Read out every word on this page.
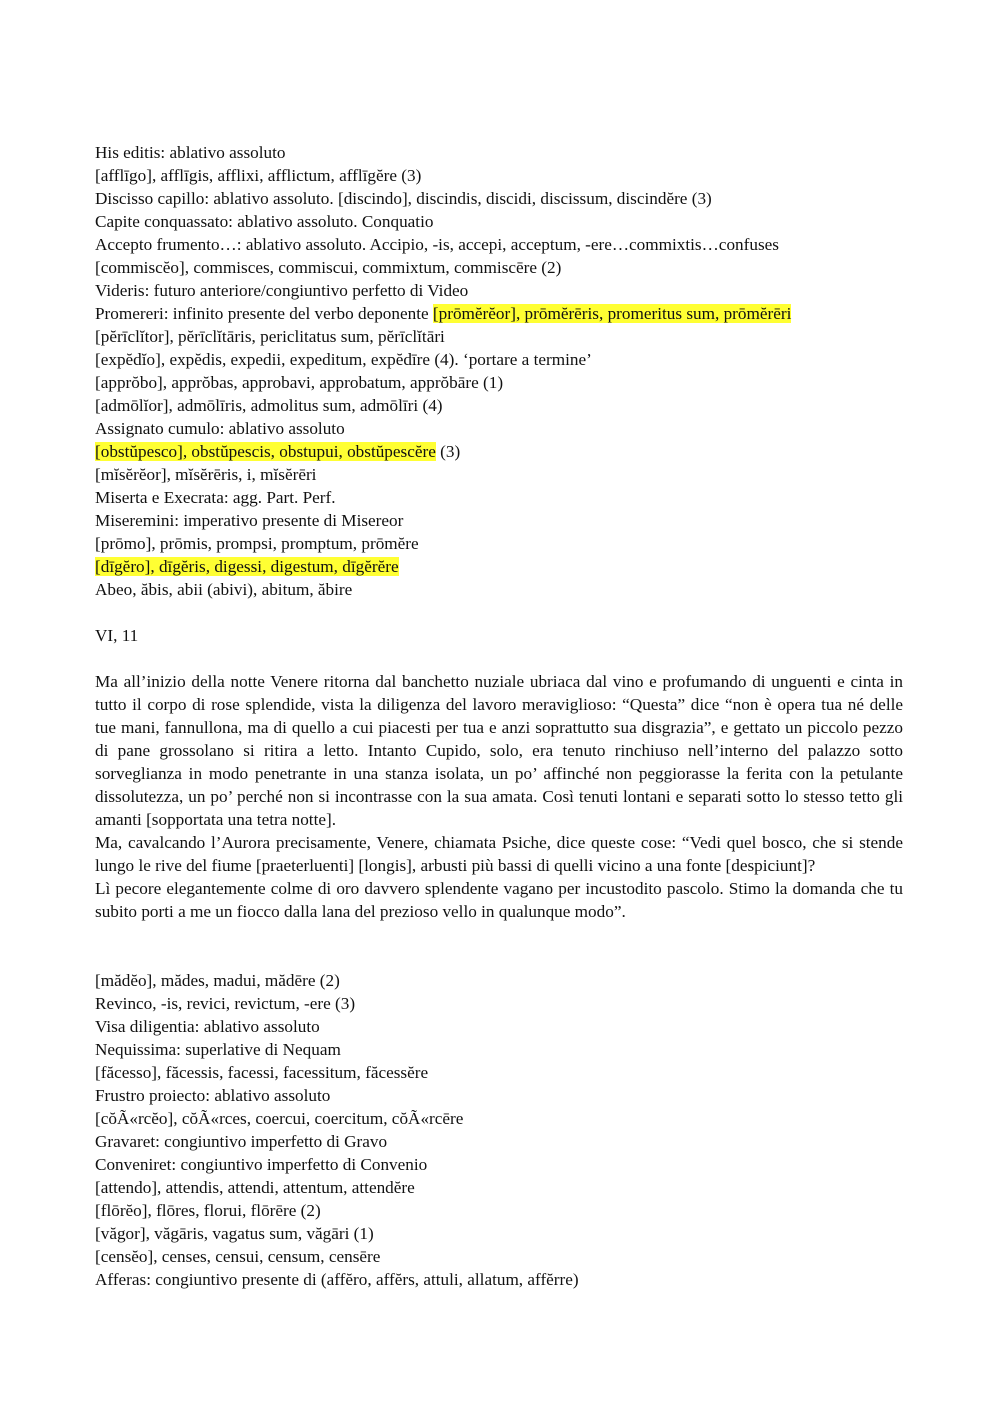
His editis: ablativo assoluto
[afflīgo], afflīgis, afflixi, afflictum, afflīgĕre (3)
Discisso capillo: ablativo assoluto. [discindo], discindis, discidi, discissum, discindĕre (3)
Capite conquassato: ablativo assoluto. Conquatio
Accepto frumento…: ablativo assoluto. Accipio, -is, accepi, acceptum, -ere…commixtis…confuses
[commiscĕo], commisces, commiscui, commixtum, commiscēre (2)
Videris: futuro anteriore/congiuntivo perfetto di Video
Promereri: infinito presente del verbo deponente [prōmĕrĕor], prōmĕrēris, promeritus sum, prōmĕrēri
[pĕrīclĭtor], pĕrīclĭtāris, periclitatus sum, pĕrīclĭtāri
[expĕdĭo], expĕdis, expedii, expeditum, expĕdīre (4). ‘portare a termine’
[apprŏbo], apprŏbas, approbavi, approbatum, apprŏbāre (1)
[admōlĭor], admōlīris, admolitus sum, admōlīri (4)
Assignato cumulo: ablativo assoluto
[obstŭpesco], obstŭpescis, obstupui, obstŭpescĕre (3)
[mĭsĕrĕor], mĭsĕrēris, i, mĭsĕrēri
Miserta e Execrata: agg. Part. Perf.
Miseremini: imperativo presente di Misereor
[prōmo], prōmis, prompsi, promptum, prōmĕre
[dīgĕro], dīgĕris, digessi, digestum, dīgĕrĕre
Abeo, ăbis, abii (abivi), abitum, ăbire
VI, 11

Ma all’inizio della notte Venere ritorna dal banchetto nuziale ubriaca dal vino e profumando di unguenti e cinta in tutto il corpo di rose splendide, vista la diligenza del lavoro meraviglioso: “Questa” dice “non è opera tua né delle tue mani, fannullona, ma di quello a cui piacesti per tua e anzi soprattutto sua disgrazia”, e gettato un piccolo pezzo di pane grossolano si ritira a letto. Intanto Cupido, solo, era tenuto rinchiuso nell’interno del palazzo sotto sorveglianza in modo penetrante in una stanza isolata, un po’ affinché non peggiorasse la ferita con la petulante dissolutezza, un po’ perché non si incontrasse con la sua amata. Così tenuti lontani e separati sotto lo stesso tetto gli amanti [sopportata una tetra notte].

Ma, cavalcando l’Aurora precisamente, Venere, chiamata Psiche, dice queste cose: “Vedi quel bosco, che si stende lungo le rive del fiume [praeterluenti] [longis], arbusti più bassi di quelli vicino a una fonte [despiciunt]?

Lì pecore elegantemente colme di oro davvero splendente vagano per incustodito pascolo. Stimo la domanda che tu subito porti a me un fiocco dalla lana del prezioso vello in qualunque modo”.

[mădĕo], mădes, madui, mădēre (2)
Revinco, -is, revici, revictum, -ere (3)
Visa diligentia: ablativo assoluto
Nequissima: superlative di Nequam
[făcesso], făcessis, facessi, facessitum, făcessĕre
Frustro proiecto: ablativo assoluto
[cŏÃ«rcĕo], cŏÃ«rces, coercui, coercitum, cŏÃ«rcēre
Gravaret: congiuntivo imperfetto di Gravo
Conveniret: congiuntivo imperfetto di Convenio
[attendo], attendis, attendi, attentum, attendĕre
[flōrĕo], flōres, florui, flōrēre (2)
[văgor], văgāris, vagatus sum, văgāri (1)
[censĕo], censes, censui, censum, censēre
Afferas: congiuntivo presente di (affĕro, affĕrs, attuli, allatum, affĕrre)
